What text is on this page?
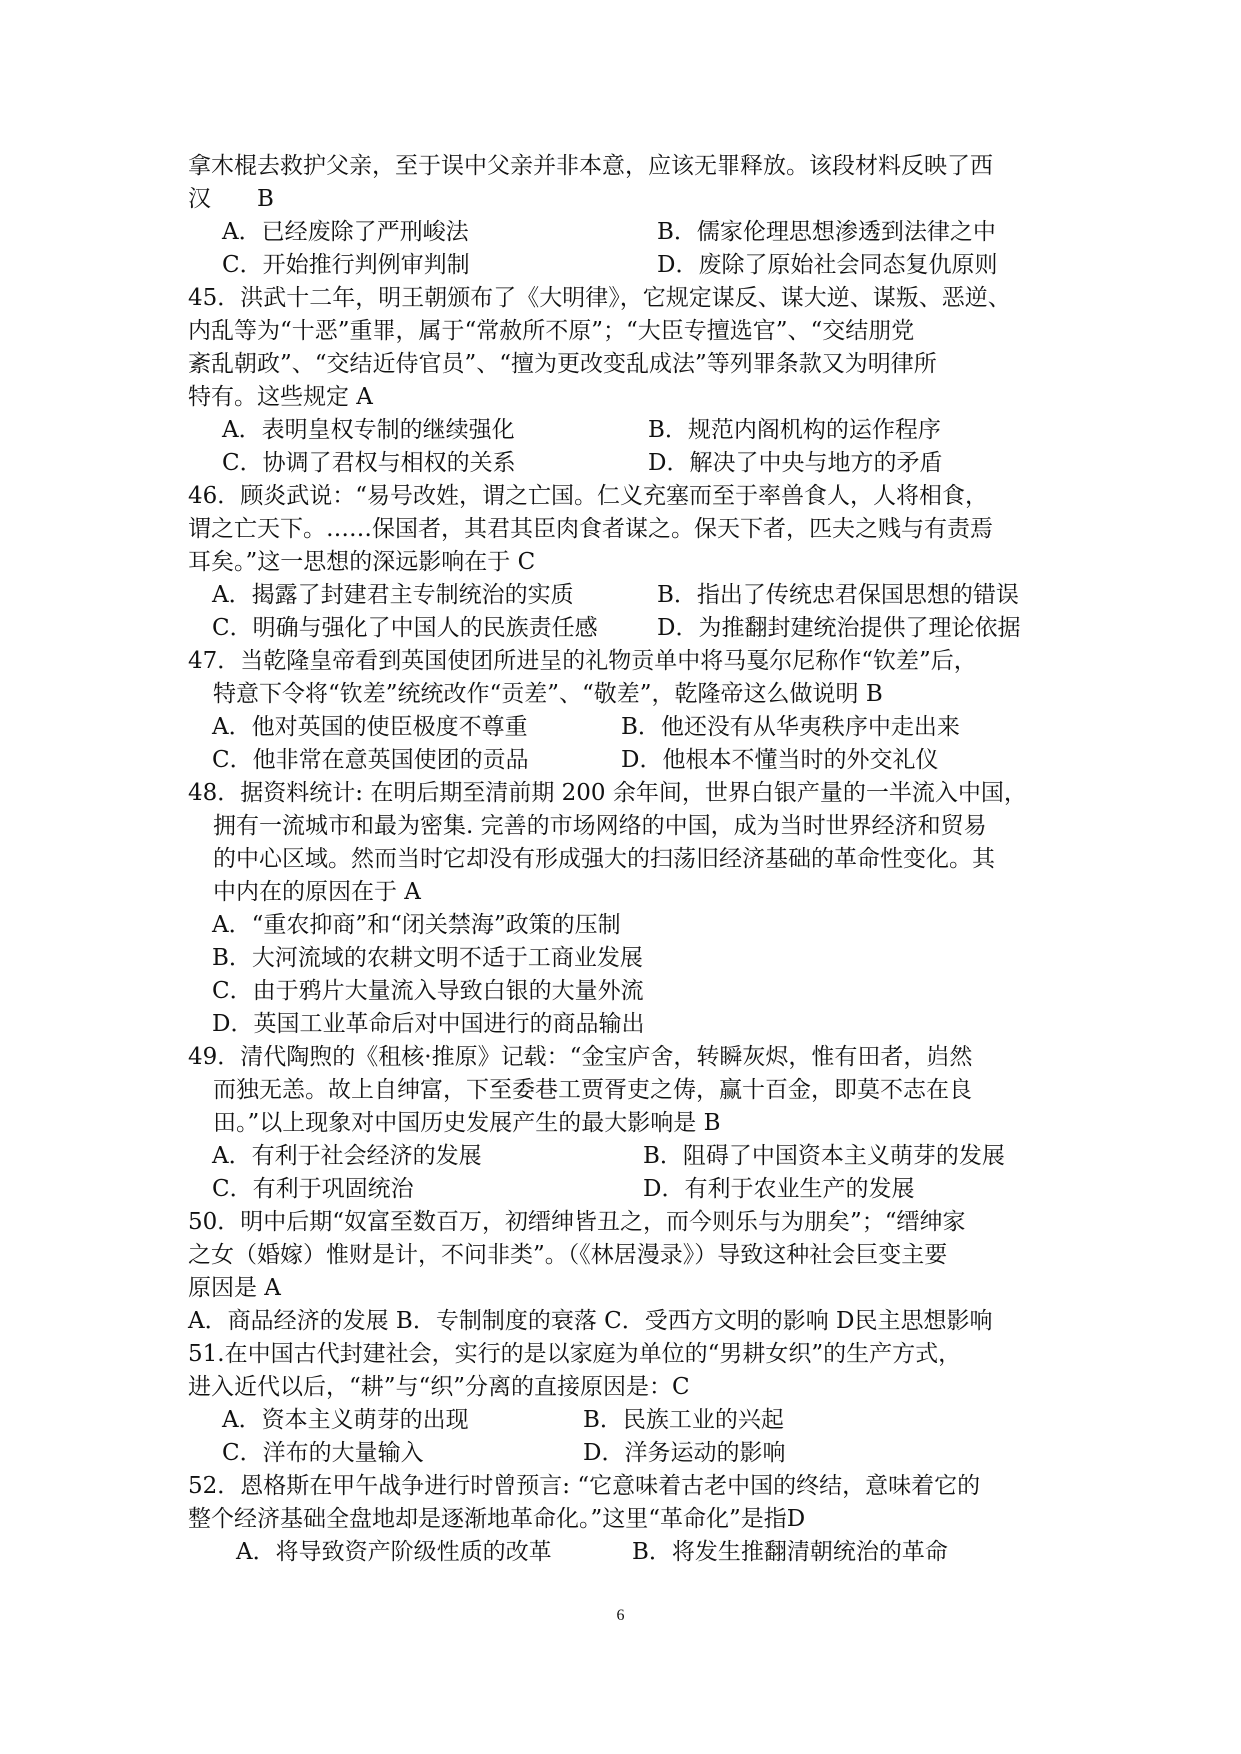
拿木棍去救护父亲，至于误中父亲并非本意，应该无罪释放。该段材料反映了西
汉　　B
A．已经废除了严刑峻法	B．儒家伦理思想渗透到法律之中
C．开始推行判例审判制	D．废除了原始社会同态复仇原则
45．洪武十二年，明王朝颁布了《大明律》，它规定谋反、谋大逆、谋叛、恶逆、
内乱等为“十恶”重罪，属于“常赦所不原”；“大臣专擅选官”、“交结朋党
紊乱朝政”、“交结近侍官员”、“擅为更改变乱成法”等列罪条款又为明律所
特有。这些规定 A
A．表明皇权专制的继续强化	B．规范内阁机构的运作程序
C．协调了君权与相权的关系	D．解决了中央与地方的矛盾
46．顾炎武说：“易号改姓，谓之亡国。仁义充塞而至于率兽食人，人将相食，
谓之亡天下。……保国者，其君其臣肉食者谋之。保天下者，匹夫之贱与有责焉
耳矣。”这一思想的深远影响在于 C
A．揭露了封建君主专制统治的实质	B．指出了传统忠君保国思想的错误
C．明确与强化了中国人的民族责任感	D．为推翻封建统治提供了理论依据
47．当乾隆皇帝看到英国使团所进呈的礼物贡单中将马戛尔尼称作“钦差”后，
特意下令将“钦差”统统改作“贡差”、“敬差”，乾隆帝这么做说明 B
A．他对英国的使臣极度不尊重	B．他还没有从华夷秩序中走出来
C．他非常在意英国使团的贡品	D．他根本不懂当时的外交礼仪
48．据资料统计: 在明后期至清前期 200 余年间，世界白银产量的一半流入中国，
拥有一流城市和最为密集. 完善的市场网络的中国，成为当时世界经济和贸易
的中心区域。然而当时它却没有形成强大的扫荡旧经济基础的革命性变化。其
中内在的原因在于 A
A．“重农抑商”和“闭关禁海”政策的压制
B．大河流域的农耕文明不适于工商业发展
C．由于鸦片大量流入导致白银的大量外流
D．英国工业革命后对中国进行的商品输出
49．清代陶煦的《租核·推原》记载：“金宝庐舍，转瞬灰烬，惟有田者，岿然
而独无恙。故上自绅富，下至委巷工贾胥吏之俦，赢十百金，即莫不志在良
田。”以上现象对中国历史发展产生的最大影响是 B
A．有利于社会经济的发展	B．阻碍了中国资本主义萌芽的发展
C．有利于巩固统治	D．有利于农业生产的发展
50．明中后期“奴富至数百万，初缙绅皆丑之，而今则乐与为朋矣”；“缙绅家
之女（婚嫁）惟财是计，不问非类”。（《林居漫录》）导致这种社会巨变主要
原因是 A
A．商品经济的发展 B．专制制度的衰落 C．受西方文明的影响 D民主思想影响
51.在中国古代封建社会，实行的是以家庭为单位的“男耕女织”的生产方式，
进入近代以后，“耕”与“织”分离的直接原因是：C
A．资本主义萌芽的出现	B．民族工业的兴起
C．洋布的大量输入	D．洋务运动的影响
52．恩格斯在甲午战争进行时曾预言: “它意味着古老中国的终结，意味着它的
整个经济基础全盘地却是逐渐地革命化。”这里“革命化”是指D
A．将导致资产阶级性质的改革	B．将发生推翻清朝统治的革命
6
